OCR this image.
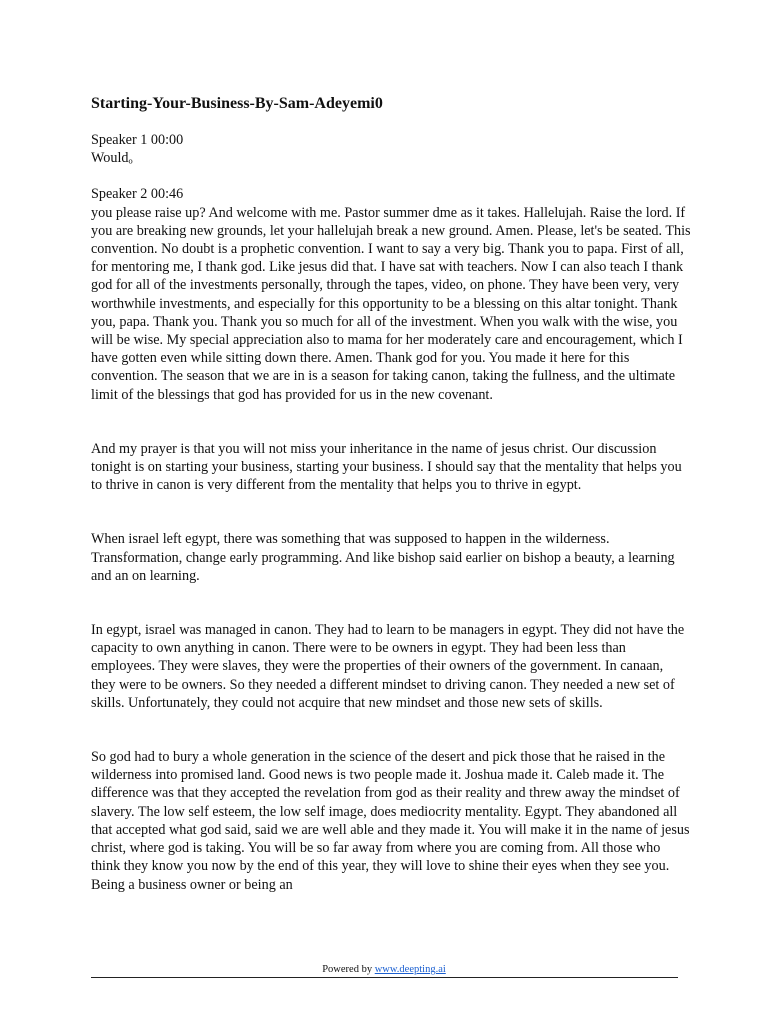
Starting-Your-Business-By-Sam-Adeyemi0
Speaker 1 00:00
Wouldₒ
Speaker 2 00:46

you please raise up? And welcome with me. Pastor summer dme as it takes. Hallelujah. Raise the lord. If you are breaking new grounds, let your hallelujah break a new ground. Amen. Please, let's be seated. This convention. No doubt is a prophetic convention. I want to say a very big. Thank you to papa. First of all, for mentoring me, I thank god. Like jesus did that. I have sat with teachers. Now I can also teach I thank god for all of the investments personally, through the tapes, video, on phone. They have been very, very worthwhile investments, and especially for this opportunity to be a blessing on this altar tonight. Thank you, papa. Thank you. Thank you so much for all of the investment. When you walk with the wise, you will be wise. My special appreciation also to mama for her moderately care and encouragement, which I have gotten even while sitting down there. Amen. Thank god for you. You made it here for this convention. The season that we are in is a season for taking canon, taking the fullness, and the ultimate limit of the blessings that god has provided for us in the new covenant.

And my prayer is that you will not miss your inheritance in the name of jesus christ. Our discussion tonight is on starting your business, starting your business. I should say that the mentality that helps you to thrive in canon is very different from the mentality that helps you to thrive in egypt.

When israel left egypt, there was something that was supposed to happen in the wilderness. Transformation, change early programming. And like bishop said earlier on bishop a beauty, a learning and an on learning.

In egypt, israel was managed in canon. They had to learn to be managers in egypt. They did not have the capacity to own anything in canon. There were to be owners in egypt. They had been less than employees. They were slaves, they were the properties of their owners of the government. In canaan, they were to be owners. So they needed a different mindset to driving canon. They needed a new set of skills. Unfortunately, they could not acquire that new mindset and those new sets of skills.

So god had to bury a whole generation in the science of the desert and pick those that he raised in the wilderness into promised land. Good news is two people made it. Joshua made it. Caleb made it. The difference was that they accepted the revelation from god as their reality and threw away the mindset of slavery. The low self esteem, the low self image, does mediocrity mentality. Egypt. They abandoned all that accepted what god said, said we are well able and they made it. You will make it in the name of jesus christ, where god is taking. You will be so far away from where you are coming from. All those who think they know you now by the end of this year, they will love to shine their eyes when they see you. Being a business owner or being an

Powered by www.deepting.ai
